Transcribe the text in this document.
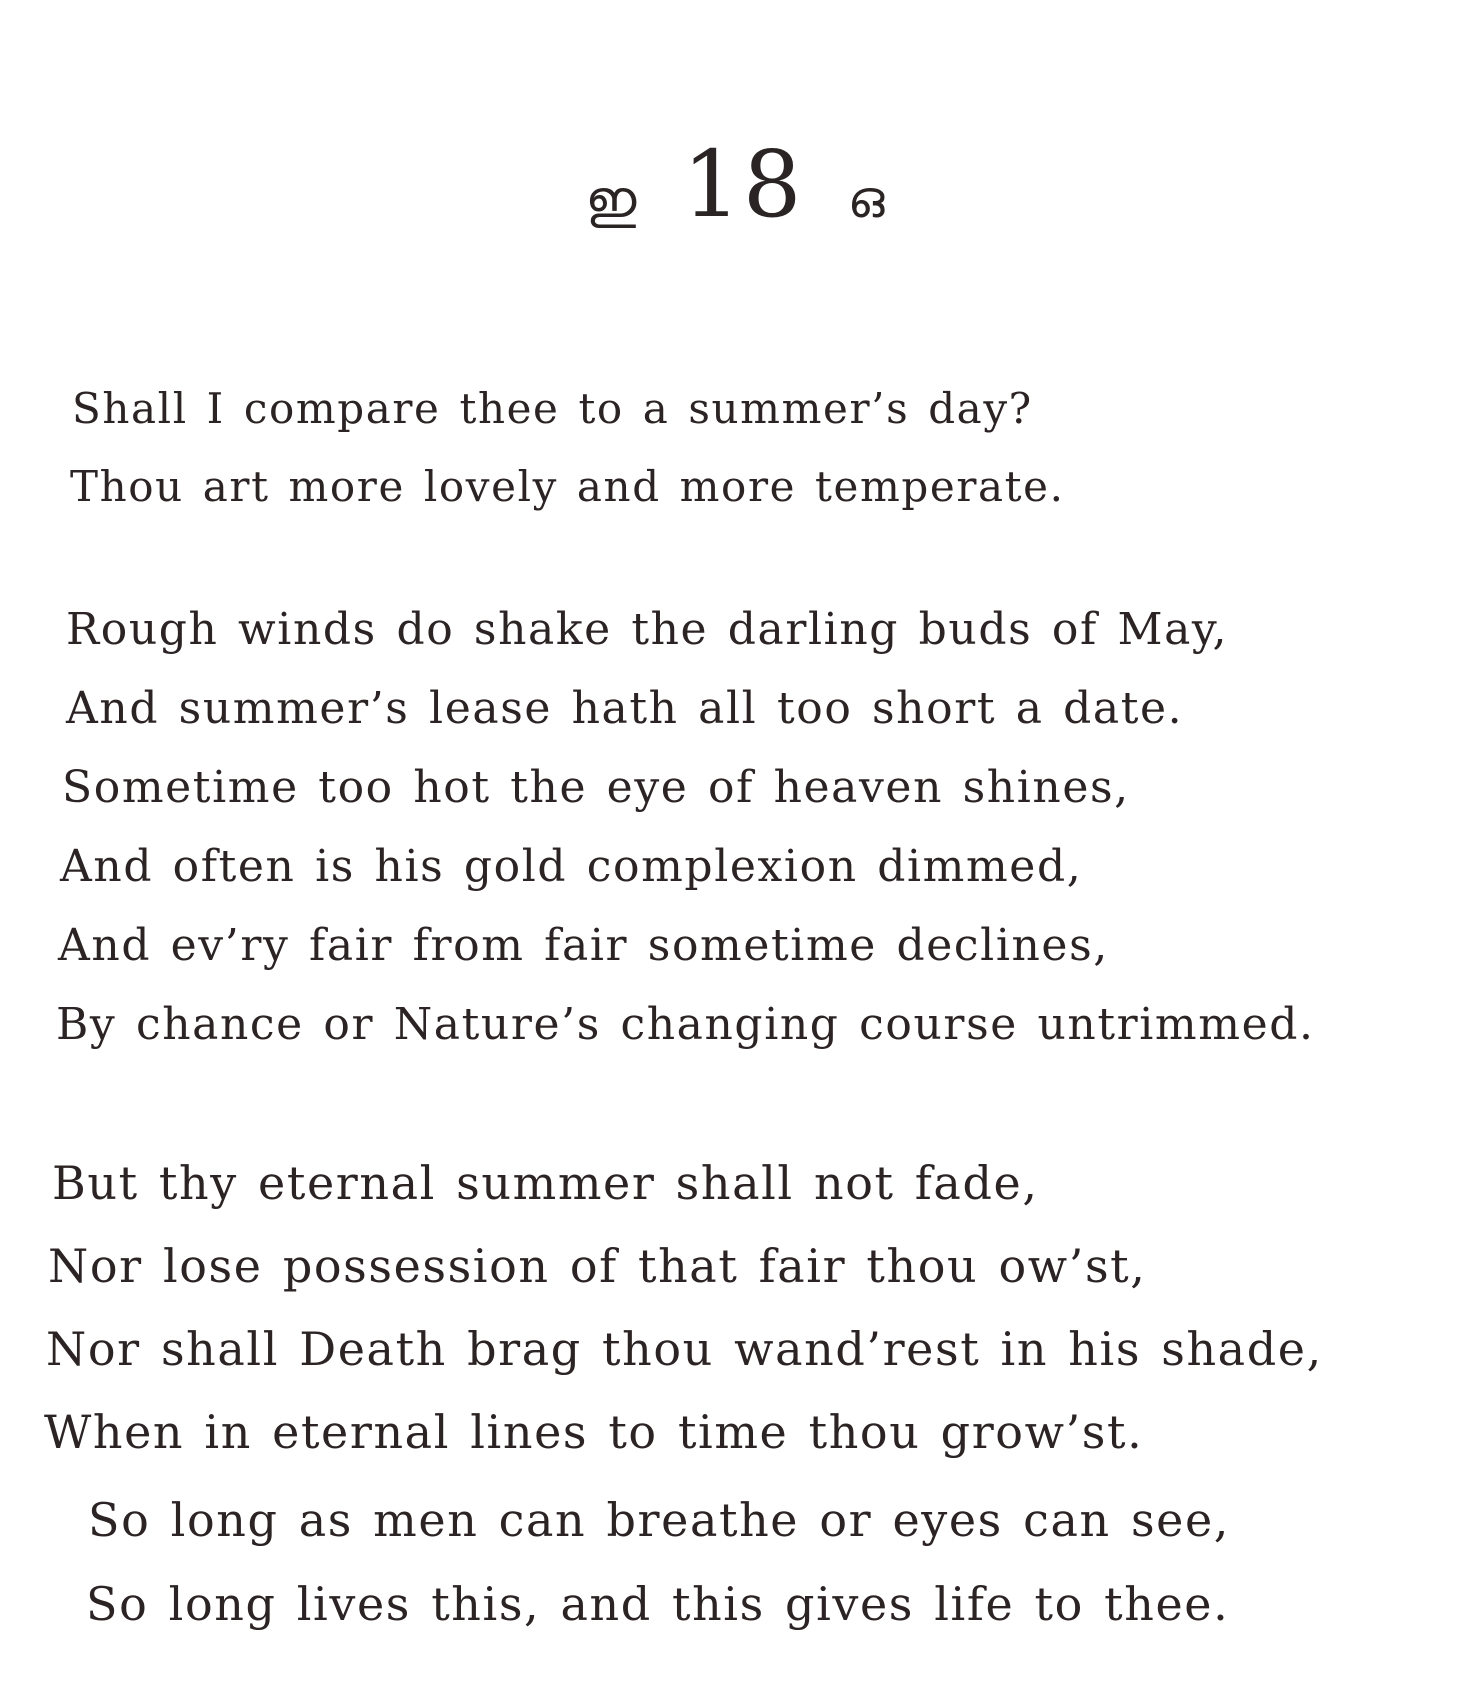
ഇ 18 ഒ
Shall I compare thee to a summer’s day?
Thou art more lovely and more temperate.
Rough winds do shake the darling buds of May,
And summer’s lease hath all too short a date.
Sometime too hot the eye of heaven shines,
And often is his gold complexion dimmed,
And ev’ry fair from fair sometime declines,
By chance or Nature’s changing course untrimmed.
But thy eternal summer shall not fade,
Nor lose possession of that fair thou ow’st,
Nor shall Death brag thou wand’rest in his shade,
When in eternal lines to time thou grow’st.
So long as men can breathe or eyes can see,
So long lives this, and this gives life to thee.
